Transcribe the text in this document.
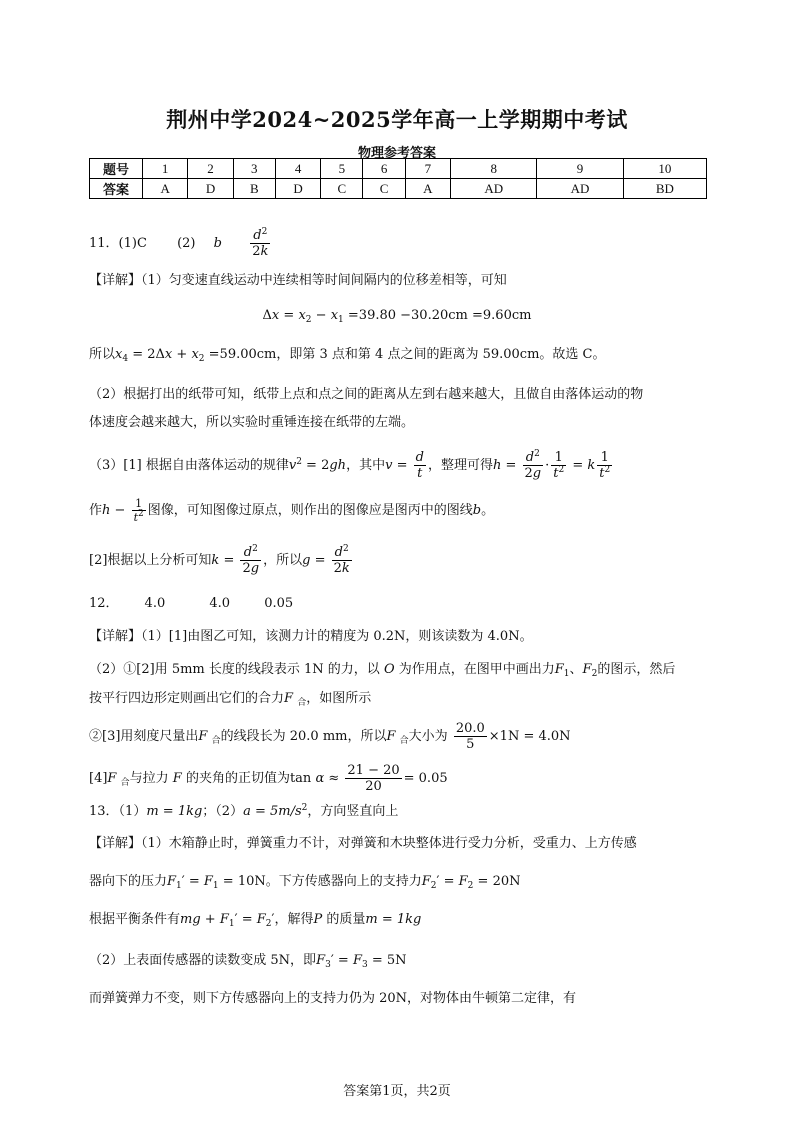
荆州中学2024~2025学年高一上学期期中考试
物理参考答案
题号	1	2	3	4	5	6	7	8	9	10
答案	A	D	B	D	C	C	A	AD	AD	BD
11．(1)C (2) b $\frac{d^2}{2k}$
【详解】（1）匀变速直线运动中连续相等时间间隔内的位移差相等，可知
$\Delta x = x_2 - x_1 =39.80 -30.20cm =9.60cm$
所以$x_4 = 2\Delta x + x_2 =59.00cm$，即第 3 点和第 4 点之间的距离为 59.00cm。故选 C。
（2）根据打出的纸带可知，纸带上点和点之间的距离从左到右越来越大，且做自由落体运动的物
体速度会越来越大，所以实验时重锤连接在纸带的左端。
（3）[1] 根据自由落体运动的规律$v^2 = 2gh$，其中$v = \frac{d}{t}$ ，整理可得$h = \frac{d^2}{2g} \cdot \frac{1}{t^2} = k \frac{1}{t^2}$
作$h - \frac{1}{t^2}$ 图像，可知图像过原点，则作出的图像应是图丙中的图线b。
[2]根据以上分析可知$k = \frac{d^2}{2g}$ ，所以$g = \frac{d^2}{2k}$
12． 4.0	4.0	0.05
【详解】（1）[1]由图乙可知，该测力计的精度为 0.2N，则该读数为 4.0N。
（2）①[2]用 5mm 长度的线段表示 1N 的力，以 O 为作用点，在图甲中画出力$F_1$、$F_2$的图示，然后
按平行四边形定则画出它们的合力F $_合$，如图所示
②[3]用刻度尺量出F $_合$的线段长为 20.0 mm，所以F $_合$大小为 $\frac{20.0}{5} \times 1N = 4.0N$
[4]F $_合$与拉力 F 的夹角的正切值为$\tan \alpha \approx \frac{21 - 20}{20} = 0.05$
13．（1）m = 1kg；$(2)a = 5m/s^2$，方向竖直向上
【详解】（1）木箱静止时，弹簧重力不计，对弹簧和木块整体进行受力分析，受重力、上方传感
器向下的压力$F_1' = F_1 = 10N$。下方传感器向上的支持力$F_2' = F_2 = 20N$
根据平衡条件有mg + $F_1' = F_2'$，解得P 的质量m = 1kg
（2）上表面传感器的读数变成 5N，即$F_3' = F_3 = 5N$
而弹簧弹力不变，则下方传感器向上的支持力仍为 20N，对物体由牛顿第二定律，有
答案第1页，共2页
